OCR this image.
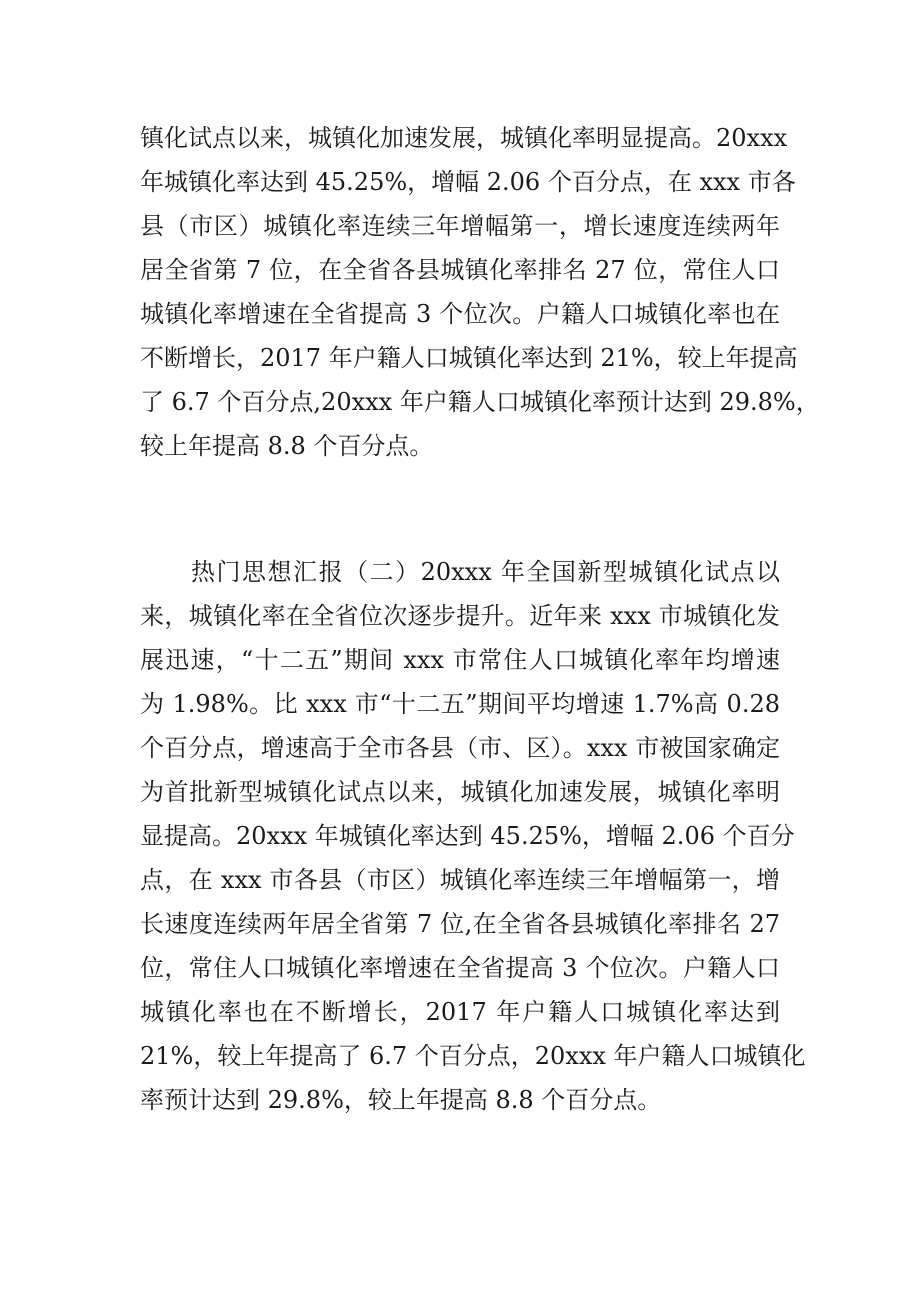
镇化试点以来，城镇化加速发展，城镇化率明显提高。20xxx
年城镇化率达到 45.25%，增幅 2.06 个百分点，在 xxx 市各
县（市区）城镇化率连续三年增幅第一，增长速度连续两年
居全省第 7 位，在全省各县城镇化率排名 27 位，常住人口
城镇化率增速在全省提高 3 个位次。户籍人口城镇化率也在
不断增长，2017 年户籍人口城镇化率达到 21%，较上年提高
了 6.7 个百分点,20xxx 年户籍人口城镇化率预计达到 29.8%，
较上年提高 8.8 个百分点。
　　热门思想汇报（二）20xxx 年全国新型城镇化试点以
来，城镇化率在全省位次逐步提升。近年来 xxx 市城镇化发
展迅速，“十二五”期间 xxx 市常住人口城镇化率年均增速
为 1.98%。比 xxx 市“十二五”期间平均增速 1.7%高 0.28
个百分点，增速高于全市各县（市、区）。xxx 市被国家确定
为首批新型城镇化试点以来，城镇化加速发展，城镇化率明
显提高。20xxx 年城镇化率达到 45.25%，增幅 2.06 个百分
点，在 xxx 市各县（市区）城镇化率连续三年增幅第一，增
长速度连续两年居全省第 7 位,在全省各县城镇化率排名 27
位，常住人口城镇化率增速在全省提高 3 个位次。户籍人口
城镇化率也在不断增长，2017 年户籍人口城镇化率达到
21%，较上年提高了 6.7 个百分点，20xxx 年户籍人口城镇化
率预计达到 29.8%，较上年提高 8.8 个百分点。
